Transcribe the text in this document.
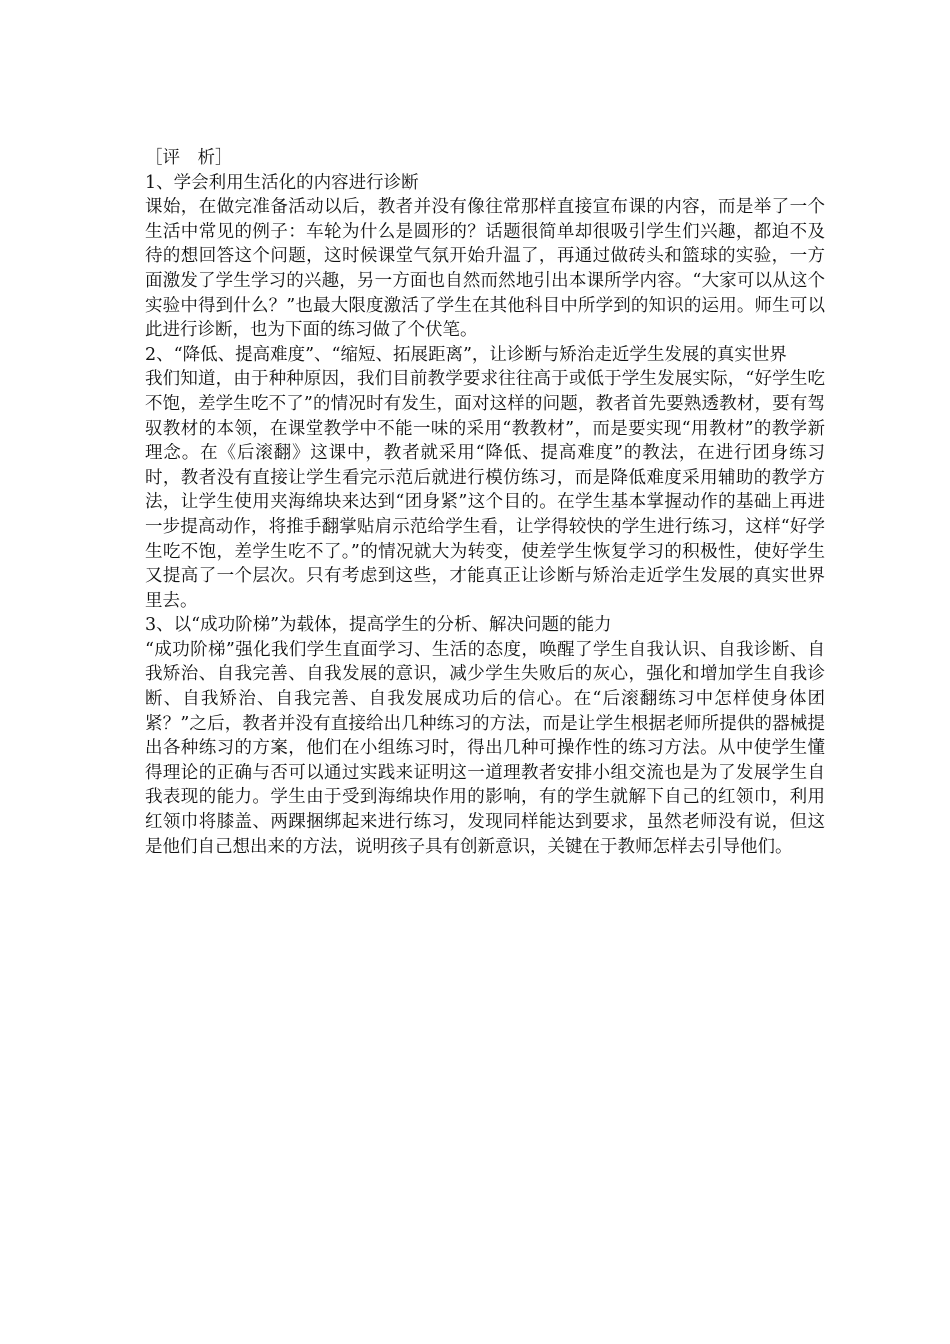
［评　析］

1、学会利用生活化的内容进行诊断

课始，在做完准备活动以后，教者并没有像往常那样直接宣布课的内容，而是举了一个生活中常见的例子：车轮为什么是圆形的？话题很简单却很吸引学生们兴趣，都迫不及待的想回答这个问题，这时候课堂气氛开始升温了，再通过做砖头和篮球的实验，一方面激发了学生学习的兴趣，另一方面也自然而然地引出本课所学内容。“大家可以从这个实验中得到什么？”也最大限度激活了学生在其他科目中所学到的知识的运用。师生可以此进行诊断，也为下面的练习做了个伏笔。

2、“降低、提高难度”、“缩短、拓展距离”，让诊断与矫治走近学生发展的真实世界

我们知道，由于种种原因，我们目前教学要求往往高于或低于学生发展实际，“好学生吃不饱，差学生吃不了”的情况时有发生，面对这样的问题，教者首先要熟透教材，要有驾驭教材的本领，在课堂教学中不能一味的采用“教教材”，而是要实现“用教材”的教学新理念。在《后滚翻》这课中，教者就采用“降低、提高难度”的教法，在进行团身练习时，教者没有直接让学生看完示范后就进行模仿练习，而是降低难度采用辅助的教学方法，让学生使用夹海绵块来达到“团身紧”这个目的。在学生基本掌握动作的基础上再进一步提高动作，将推手翻掌贴肩示范给学生看，让学得较快的学生进行练习，这样“好学生吃不饱，差学生吃不了。”的情况就大为转变，使差学生恢复学习的积极性，使好学生又提高了一个层次。只有考虑到这些，才能真正让诊断与矫治走近学生发展的真实世界里去。

3、以“成功阶梯”为载体，提高学生的分析、解决问题的能力

“成功阶梯”强化我们学生直面学习、生活的态度，唤醒了学生自我认识、自我诊断、自我矫治、自我完善、自我发展的意识，减少学生失败后的灰心，强化和增加学生自我诊断、自我矫治、自我完善、自我发展成功后的信心。在“后滚翻练习中怎样使身体团紧？”之后，教者并没有直接给出几种练习的方法，而是让学生根据老师所提供的器械提出各种练习的方案，他们在小组练习时，得出几种可操作性的练习方法。从中使学生懂得理论的正确与否可以通过实践来证明这一道理教者安排小组交流也是为了发展学生自我表现的能力。学生由于受到海绵块作用的影响，有的学生就解下自己的红领巾，利用红领巾将膝盖、两踝捆绑起来进行练习，发现同样能达到要求，虽然老师没有说，但这是他们自己想出来的方法，说明孩子具有创新意识，关键在于教师怎样去引导他们。
